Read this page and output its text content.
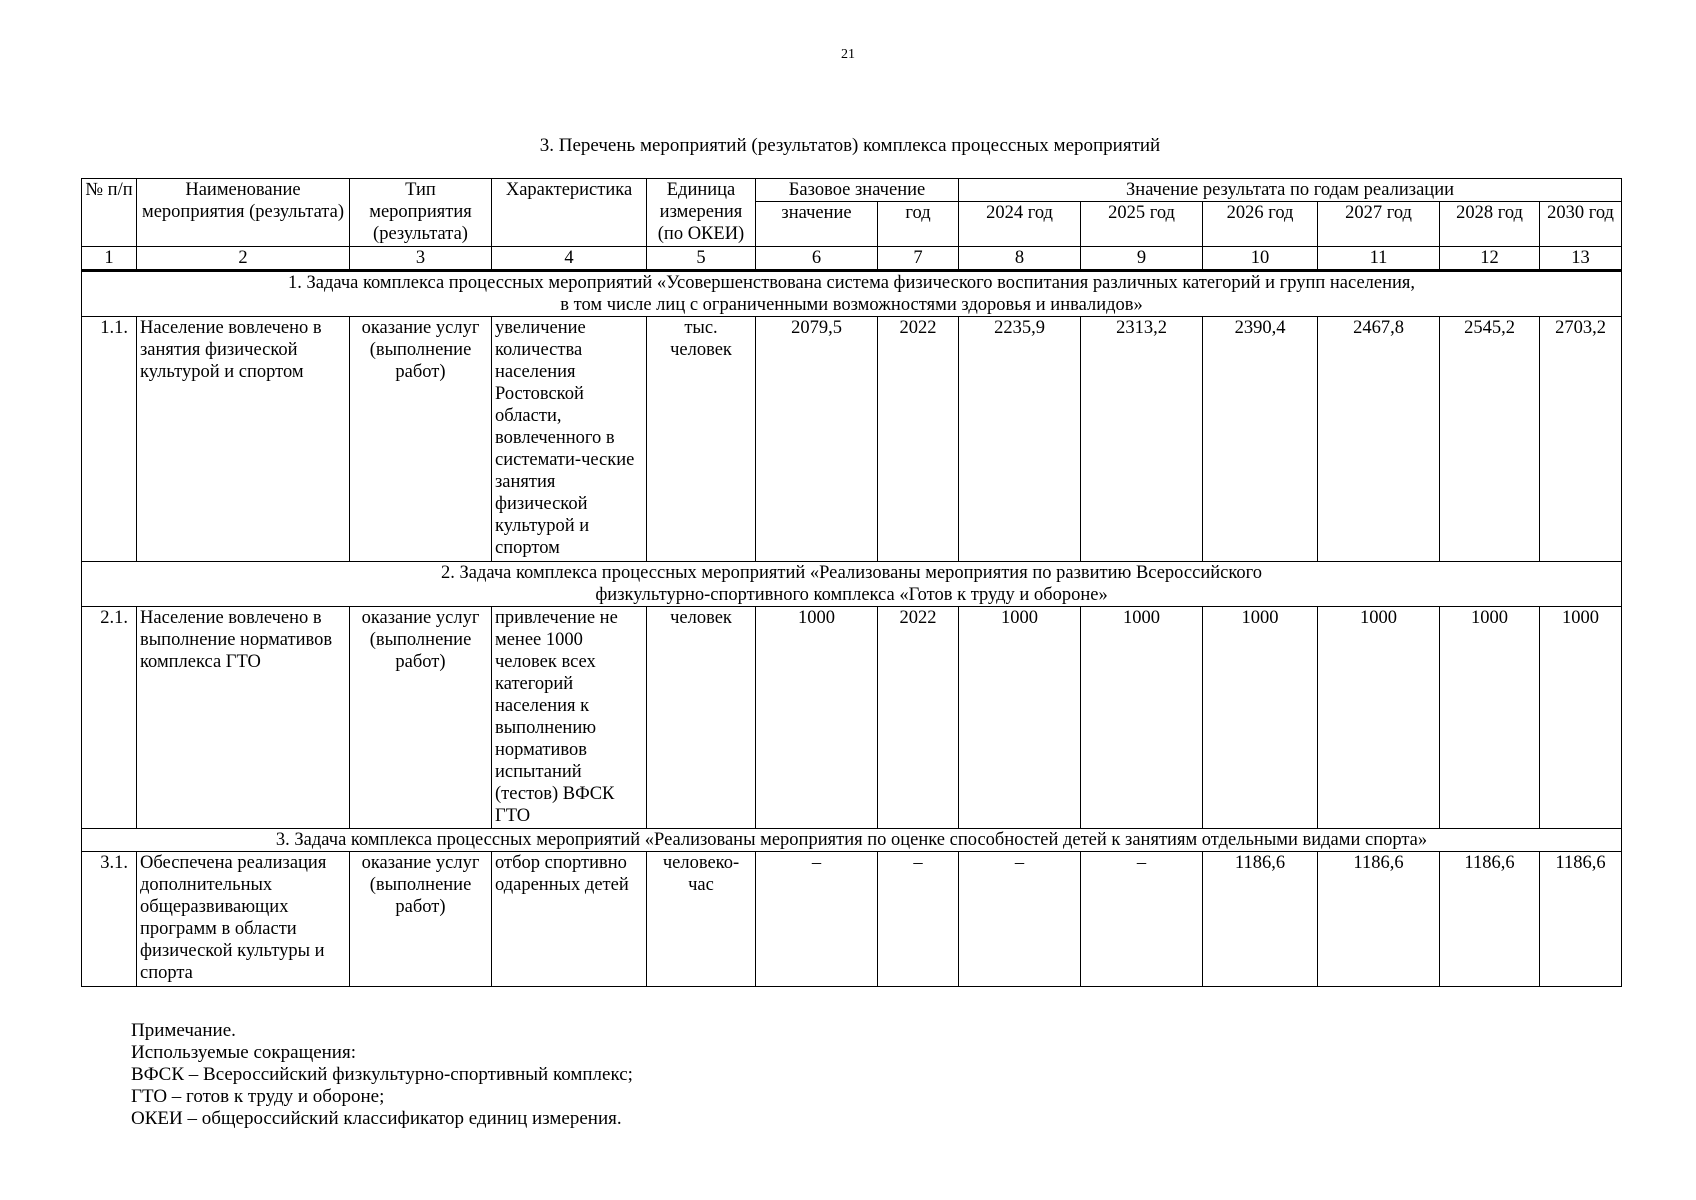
21
3. Перечень мероприятий (результатов) комплекса процессных мероприятий
№ п/п	Наименование мероприятия (результата)	Тип мероприятия (результата)	Характеристика	Единица измерения (по ОКЕИ)	Базовое значение		Значение результата по годам реализации					
					значение	год	2024 год	2025 год	2026 год	2027 год	2028 год	2030 год
1	2	3	4	5	6	7	8	9	10	11	12	13
1. Задача комплекса процессных мероприятий «Усовершенствована система физического воспитания различных категорий и групп населения, в том числе лиц с ограниченными возможностями здоровья и инвалидов»												
1.1.	Население вовлечено в занятия физической культурой и спортом	оказание услуг (выполнение работ)	увеличение количества населения Ростовской области, вовлеченного в системати-ческие занятия физической культурой и спортом	тыс. человек	2079,5	2022	2235,9	2313,2	2390,4	2467,8	2545,2	2703,2
2. Задача комплекса процессных мероприятий «Реализованы мероприятия по развитию Всероссийского физкультурно-спортивного комплекса «Готов к труду и обороне»												
2.1.	Население вовлечено в выполнение нормативов комплекса ГТО	оказание услуг (выполнение работ)	привлечение не менее 1000 человек всех категорий населения к выполнению нормативов испытаний (тестов) ВФСК ГТО	человек	1000	2022	1000	1000	1000	1000	1000	1000
3. Задача комплекса процессных мероприятий «Реализованы мероприятия по оценке способностей детей к занятиям отдельными видами спорта»												
3.1.	Обеспечена реализация дополнительных общеразвивающих программ в области физической культуры и спорта	оказание услуг (выполнение работ)	отбор спортивно одаренных детей	человеко-час	–	–	–	–	1186,6	1186,6	1186,6	1186,6
Примечание.
Используемые сокращения:
ВФСК – Всероссийский физкультурно-спортивный комплекс;
ГТО – готов к труду и обороне;
ОКЕИ – общероссийский классификатор единиц измерения.
